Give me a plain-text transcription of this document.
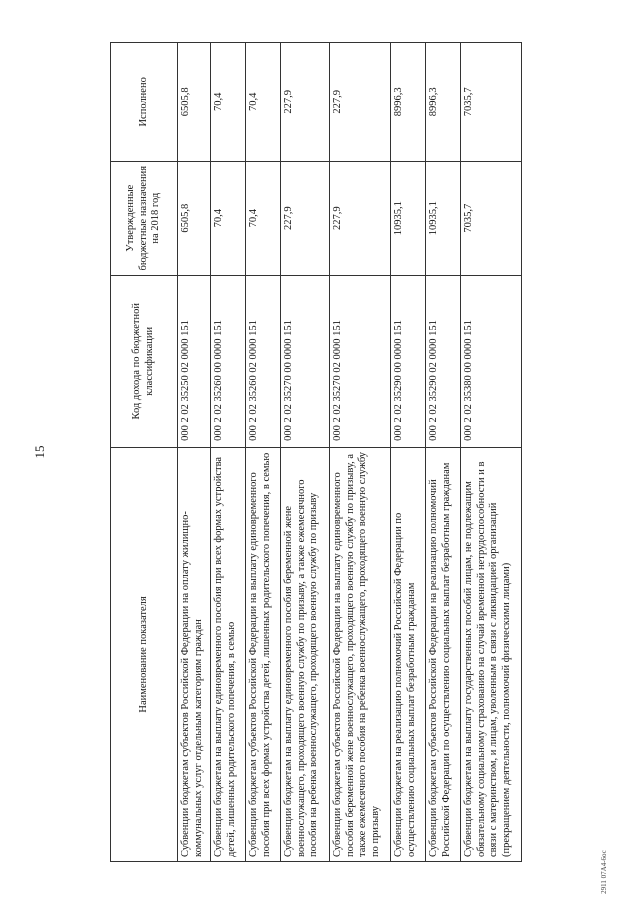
15
2911 07А4-6ос
Наименование показателя	Код дохода по бюджетной классификации	Утвержденные бюджетные назначения на 2018 год	Исполнено
Субвенции бюджетам субъектов Российской Федерации на оплату жилищно-коммунальных услуг отдельным категориям граждан	000 2 02 35250 02 0000 151	6505,8	6505,8
Субвенции бюджетам на выплату единовременного пособия при всех формах устройства детей, лишенных родительского попечения, в семью	000 2 02 35260 00 0000 151	70,4	70,4
Субвенции бюджетам субъектов Российской Федерации на выплату единовременного пособия при всех формах устройства детей, лишенных родительского попечения, в семью	000 2 02 35260 02 0000 151	70,4	70,4
Субвенции бюджетам на выплату единовременного пособия беременной жене военнослужащего, проходящего военную службу по призыву, а также ежемесячного пособия на ребенка военнослужащего, проходящего военную службу по призыву	000 2 02 35270 00 0000 151	227,9	227,9
Субвенции бюджетам субъектов Российской Федерации на выплату единовременного пособия беременной жене военнослужащего, проходящего военную службу по призыву, а также ежемесячного пособия на ребенка военнослужащего, проходящего военную службу по призыву	000 2 02 35270 02 0000 151	227,9	227,9
Субвенции бюджетам на реализацию полномочий Российской Федерации по осуществлению социальных выплат безработным гражданам	000 2 02 35290 00 0000 151	10935,1	8996,3
Субвенции бюджетам субъектов Российской Федерации на реализацию полномочий Российской Федерации по осуществлению социальных выплат безработным гражданам	000 2 02 35290 02 0000 151	10935,1	8996,3
Субвенции бюджетам на выплату государственных пособий лицам, не подлежащим обязательному социальному страхованию на случай временной нетрудоспособности и в связи с материнством, и лицам, уволенным в связи с ликвидацией организаций (прекращением деятельности, полномочий физическими лицами)	000 2 02 35380 00 0000 151	7035,7	7035,7
